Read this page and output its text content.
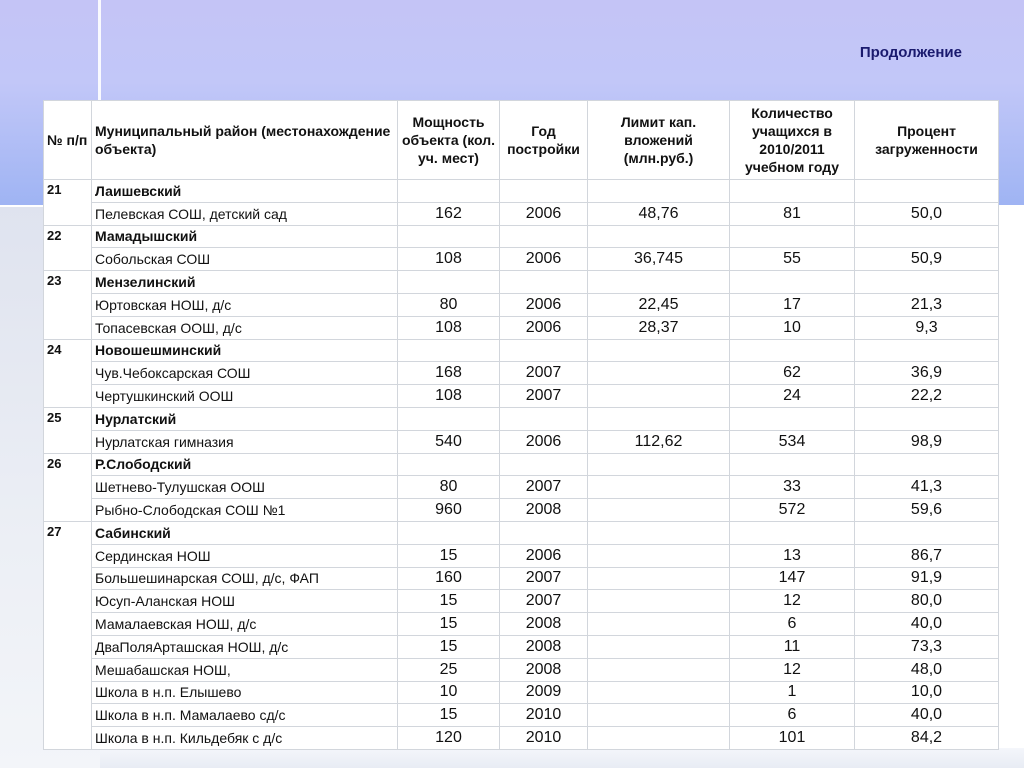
Продолжение
№ п/п	Муниципальный район (местонахождение объекта)	Мощность объекта (кол. уч. мест)	Год постройки	Лимит кап. вложений (млн.руб.)	Количество учащихся в 2010/2011 учебном году	Процент загруженности
21	Лаишевский					
	Пелевская СОШ, детский сад	162	2006	48,76	81	50,0
22	Мамадышский					
	Собольская СОШ	108	2006	36,745	55	50,9
23	Мензелинский					
	Юртовская НОШ, д/с	80	2006	22,45	17	21,3
	Топасевская ООШ, д/с	108	2006	28,37	10	9,3
24	Новошешминский					
	Чув.Чебоксарская СОШ	168	2007		62	36,9
	Чертушкинский ООШ	108	2007		24	22,2
25	Нурлатский					
	Нурлатская гимназия	540	2006	112,62	534	98,9
26	Р.Слободский					
	Шетнево-Тулушская ООШ	80	2007		33	41,3
	Рыбно-Слободская СОШ №1	960	2008		572	59,6
27	Сабинский					
	Сердинская НОШ	15	2006		13	86,7
	Большешинарская СОШ, д/с, ФАП	160	2007		147	91,9
	Юсуп-Аланская НОШ	15	2007		12	80,0
	Мамалаевская НОШ, д/с	15	2008		6	40,0
	ДваПоляАрташская НОШ, д/с	15	2008		11	73,3
	Мешабашская НОШ,	25	2008		12	48,0
	Школа в н.п. Елышево	10	2009		1	10,0
	Школа в н.п. Мамалаево сд/с	15	2010		6	40,0
	Школа в н.п. Кильдебяк с д/с	120	2010		101	84,2
